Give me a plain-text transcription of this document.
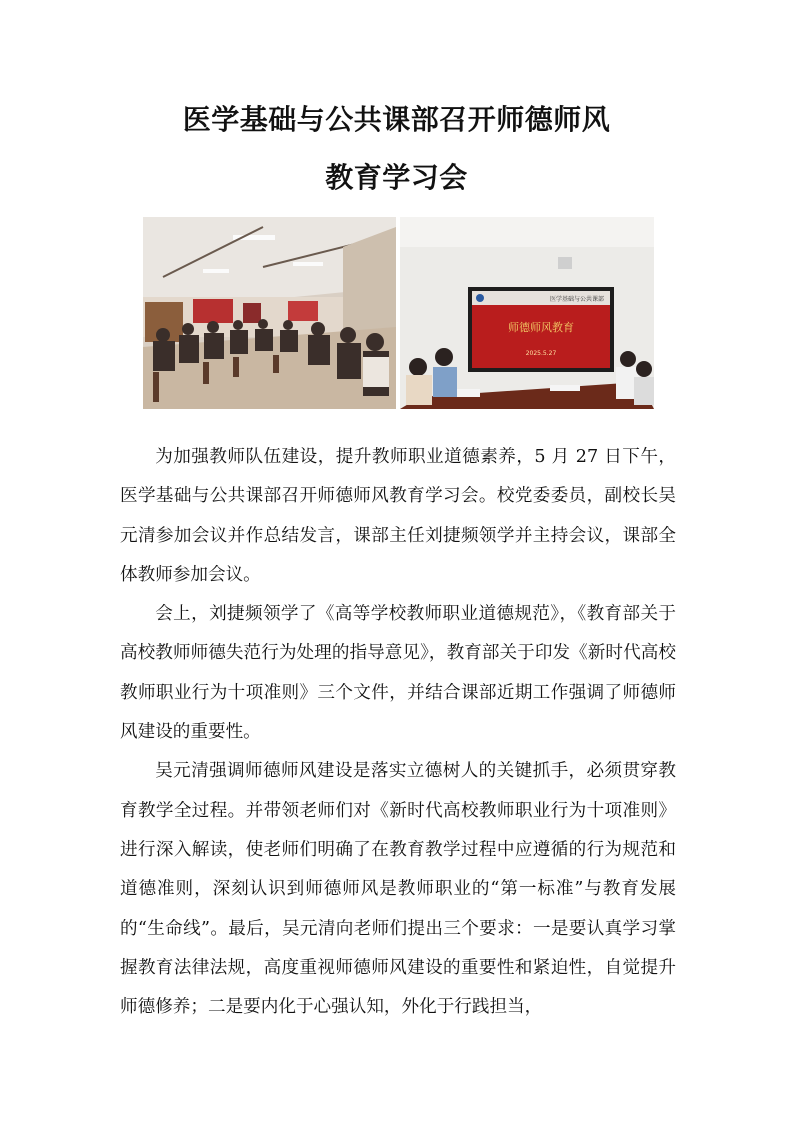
医学基础与公共课部召开师德师风
教育学习会
医学基础与公共课部
师德师风教育
2025.5.27

为加强教师队伍建设，提升教师职业道德素养，5 月 27 日下午，医学基础与公共课部召开师德师风教育学习会。校党委委员，副校长吴元清参加会议并作总结发言，课部主任刘捷频领学并主持会议，课部全体教师参加会议。

会上，刘捷频领学了《高等学校教师职业道德规范》，《教育部关于高校教师师德失范行为处理的指导意见》，教育部关于印发《新时代高校教师职业行为十项准则》三个文件，并结合课部近期工作强调了师德师风建设的重要性。

吴元清强调师德师风建设是落实立德树人的关键抓手，必须贯穿教育教学全过程。并带领老师们对《新时代高校教师职业行为十项准则》进行深入解读，使老师们明确了在教育教学过程中应遵循的行为规范和道德准则，深刻认识到师德师风是教师职业的“第一标准”与教育发展的“生命线”。最后，吴元清向老师们提出三个要求：一是要认真学习掌握教育法律法规，高度重视师德师风建设的重要性和紧迫性，自觉提升师德修养；二是要内化于心强认知，外化于行践担当，
